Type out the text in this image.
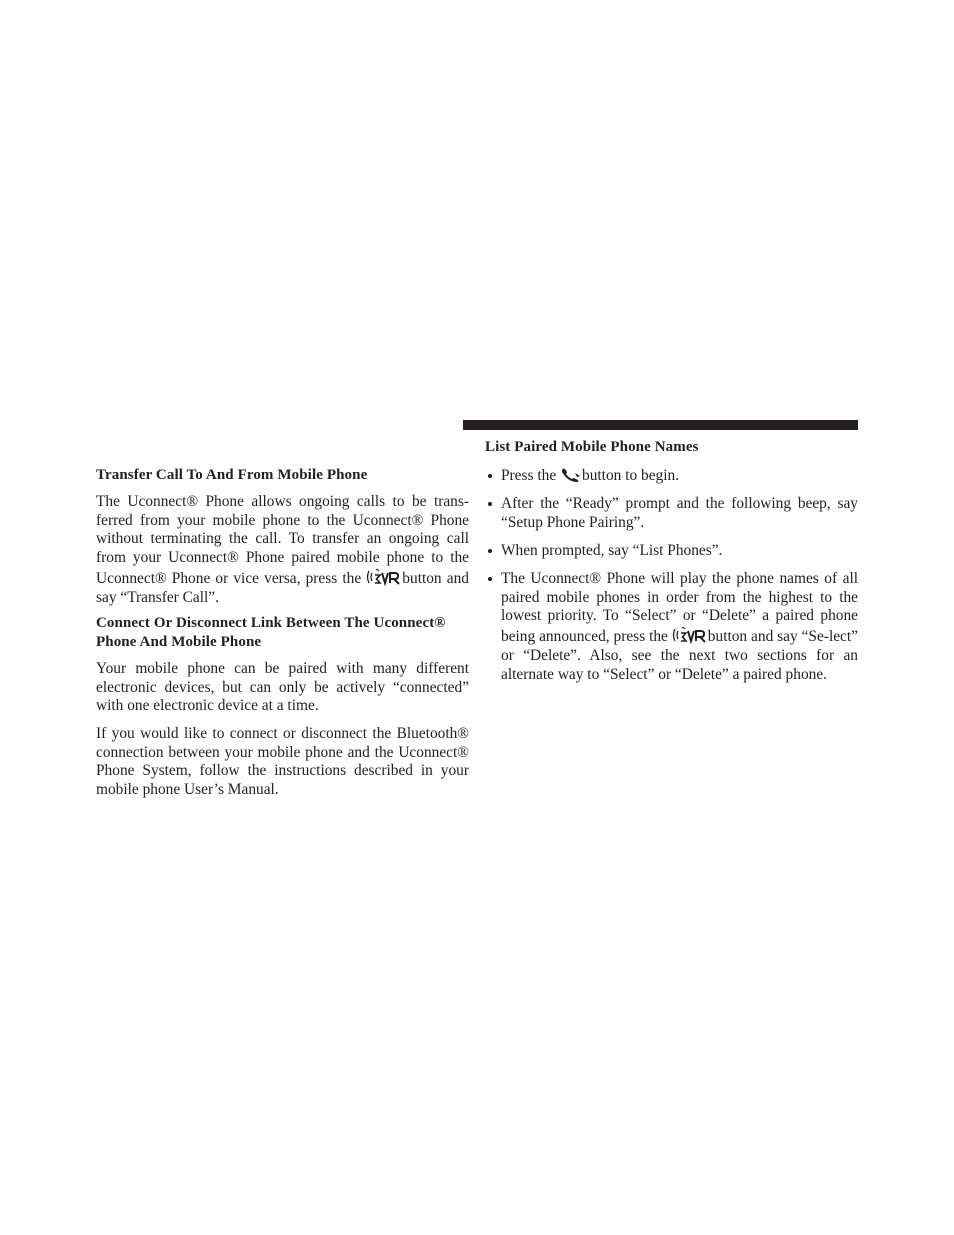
Transfer Call To And From Mobile Phone

The Uconnect® Phone allows ongoing calls to be trans-ferred from your mobile phone to the Uconnect® Phone without terminating the call. To transfer an ongoing call from your Uconnect® Phone paired mobile phone to the Uconnect® Phone or vice versa, press the	button and say “Transfer Call”.

Connect Or Disconnect Link Between The Uconnect® Phone And Mobile Phone

Your mobile phone can be paired with many different electronic devices, but can only be actively “connected” with one electronic device at a time.

If you would like to connect or disconnect the Bluetooth® connection between your mobile phone and the Uconnect® Phone System, follow the instructions described in your mobile phone User’s Manual.

List Paired Mobile Phone Names
Press the button to begin.
After the “Ready” prompt and the following beep, say “Setup Phone Pairing”.
When prompted, say “List Phones”.
The Uconnect® Phone will play the phone names of all paired mobile phones in order from the highest to the lowest priority. To “Select” or “Delete” a paired phone being announced, press the	button and say “Se-lect” or “Delete”. Also, see the next two sections for an alternate way to “Select” or “Delete” a paired phone.
